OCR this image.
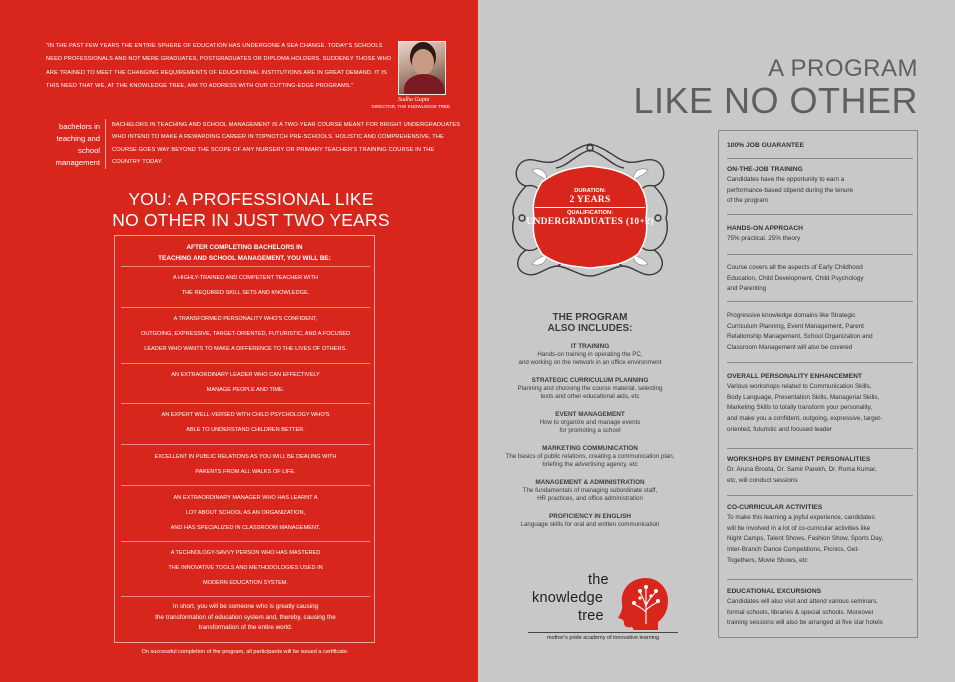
"IN THE PAST FEW YEARS THE ENTIRE SPHERE OF EDUCATION HAS UNDERGONE A SEA CHANGE. TODAY'S SCHOOLS NEED PROFESSIONALS AND NOT MERE GRADUATES, POSTGRADUATES OR DIPLOMA HOLDERS. SUDDENLY THOSE WHO ARE TRAINED TO MEET THE CHANGING REQUIREMENTS OF EDUCATIONAL INSTITUTIONS ARE IN GREAT DEMAND. IT IS THIS NEED THAT WE, AT THE KNOWLEDGE TREE, AIM TO ADDRESS WITH OUR CUTTING-EDGE PROGRAMS."

Sudha Gupta
DIRECTOR, THE KNOWLEDGE TREE
bachelors in teaching and school management

BACHELORS IN TEACHING AND SCHOOL MANAGEMENT IS A TWO-YEAR COURSE MEANT FOR BRIGHT UNDERGRADUATES WHO INTEND TO MAKE A REWARDING CAREER IN TOPNOTCH PRE-SCHOOLS. HOLISTIC AND COMPREHENSIVE, THE COURSE GOES WAY BEYOND THE SCOPE OF ANY NURSERY OR PRIMARY TEACHER'S TRAINING COURSE IN THE COUNTRY TODAY.

YOU: A PROFESSIONAL LIKE
NO OTHER IN JUST TWO YEARS
AFTER COMPLETING BACHELORS IN
TEACHING AND SCHOOL MANAGEMENT, YOU WILL BE:
A HIGHLY-TRAINED AND COMPETENT TEACHER WITH
THE REQUIRED SKILL SETS AND KNOWLEDGE.
A TRANSFORMED PERSONALITY WHO'S CONFIDENT,
OUTGOING, EXPRESSIVE, TARGET-ORIENTED, FUTURISTIC, AND A FOCUSED
LEADER WHO WANTS TO MAKE A DIFFERENCE TO THE LIVES OF OTHERS.
AN EXTRAORDINARY LEADER WHO CAN EFFECTIVELY
MANAGE PEOPLE AND TIME.
AN EXPERT WELL-VERSED WITH CHILD PSYCHOLOGY WHO'S
ABLE TO UNDERSTAND CHILDREN BETTER.
EXCELLENT IN PUBLIC RELATIONS AS YOU WILL BE DEALING WITH
PARENTS FROM ALL WALKS OF LIFE.
AN EXTRAORDINARY MANAGER WHO HAS LEARNT A
LOT ABOUT SCHOOL AS AN ORGANIZATION,
AND HAS SPECIALIZED IN CLASSROOM MANAGEMENT.
A TECHNOLOGY-SAVVY PERSON WHO HAS MASTERED
THE INNOVATIVE TOOLS AND METHODOLOGIES USED IN
MODERN EDUCATION SYSTEM.
In short, you will be someone who is greatly causing
the transformation of education system and, thereby, causing the
transformation of the entire world.
On successful completion of the program, all participants will be issued a certificate.
A PROGRAM
LIKE NO OTHER
DURATION:
2 YEARS
QUALIFICATION:
UNDERGRADUATES (10+2)
THE PROGRAM
ALSO INCLUDES:
IT TRAINING
Hands-on training in operating the PC,
and working on the network in an office environment
STRATEGIC CURRICULUM PLANNING
Planning and choosing the course material, selecting
texts and other educational aids, etc
EVENT MANAGEMENT
How to organize and manage events
for promoting a school
MARKETING COMMUNICATION
The basics of public relations, creating a communication plan,
briefing the advertising agency, etc
MANAGEMENT & ADMINISTRATION
The fundamentals of managing subordinate staff,
HR practices, and office administration
PROFICIENCY IN ENGLISH
Language skills for oral and written communication
the
knowledge
tree
mother's pride academy of innovative learning
100% JOB GUARANTEE
ON-THE-JOB TRAINING
Candidates have the opportunity to earn a
performance-based stipend during the tenure
of the program
HANDS-ON APPROACH
75% practical, 25% theory
Course covers all the aspects of Early Childhood
Education, Child Development, Child Psychology
and Parenting
Progressive knowledge domains like Strategic
Curriculum Planning, Event Management, Parent
Relationship Management, School Organization and
Classroom Management will also be covered
OVERALL PERSONALITY ENHANCEMENT
Various workshops related to Communication Skills,
Body Language, Presentation Skills, Managerial Skills,
Marketing Skills to totally transform your personality,
and make you a confident, outgoing, expressive, target-
oriented, futuristic and focused leader
WORKSHOPS BY EMINENT PERSONALITIES
Dr. Aruna Broota, Dr. Samir Parekh, Dr. Roma Kumar,
etc, will conduct sessions
CO-CURRICULAR ACTIVITIES
To make this learning a joyful experience, candidates
will be involved in a lot of co-curricular activities like
Night Camps, Talent Shows, Fashion Show, Sports Day,
Inter-Branch Dance Competitions, Picnics, Get-
Togethers, Movie Shows, etc
EDUCATIONAL EXCURSIONS
Candidates will also visit and attend various seminars,
formal schools, libraries & special schools. Moreover
training sessions will also be arranged at five star hotels
